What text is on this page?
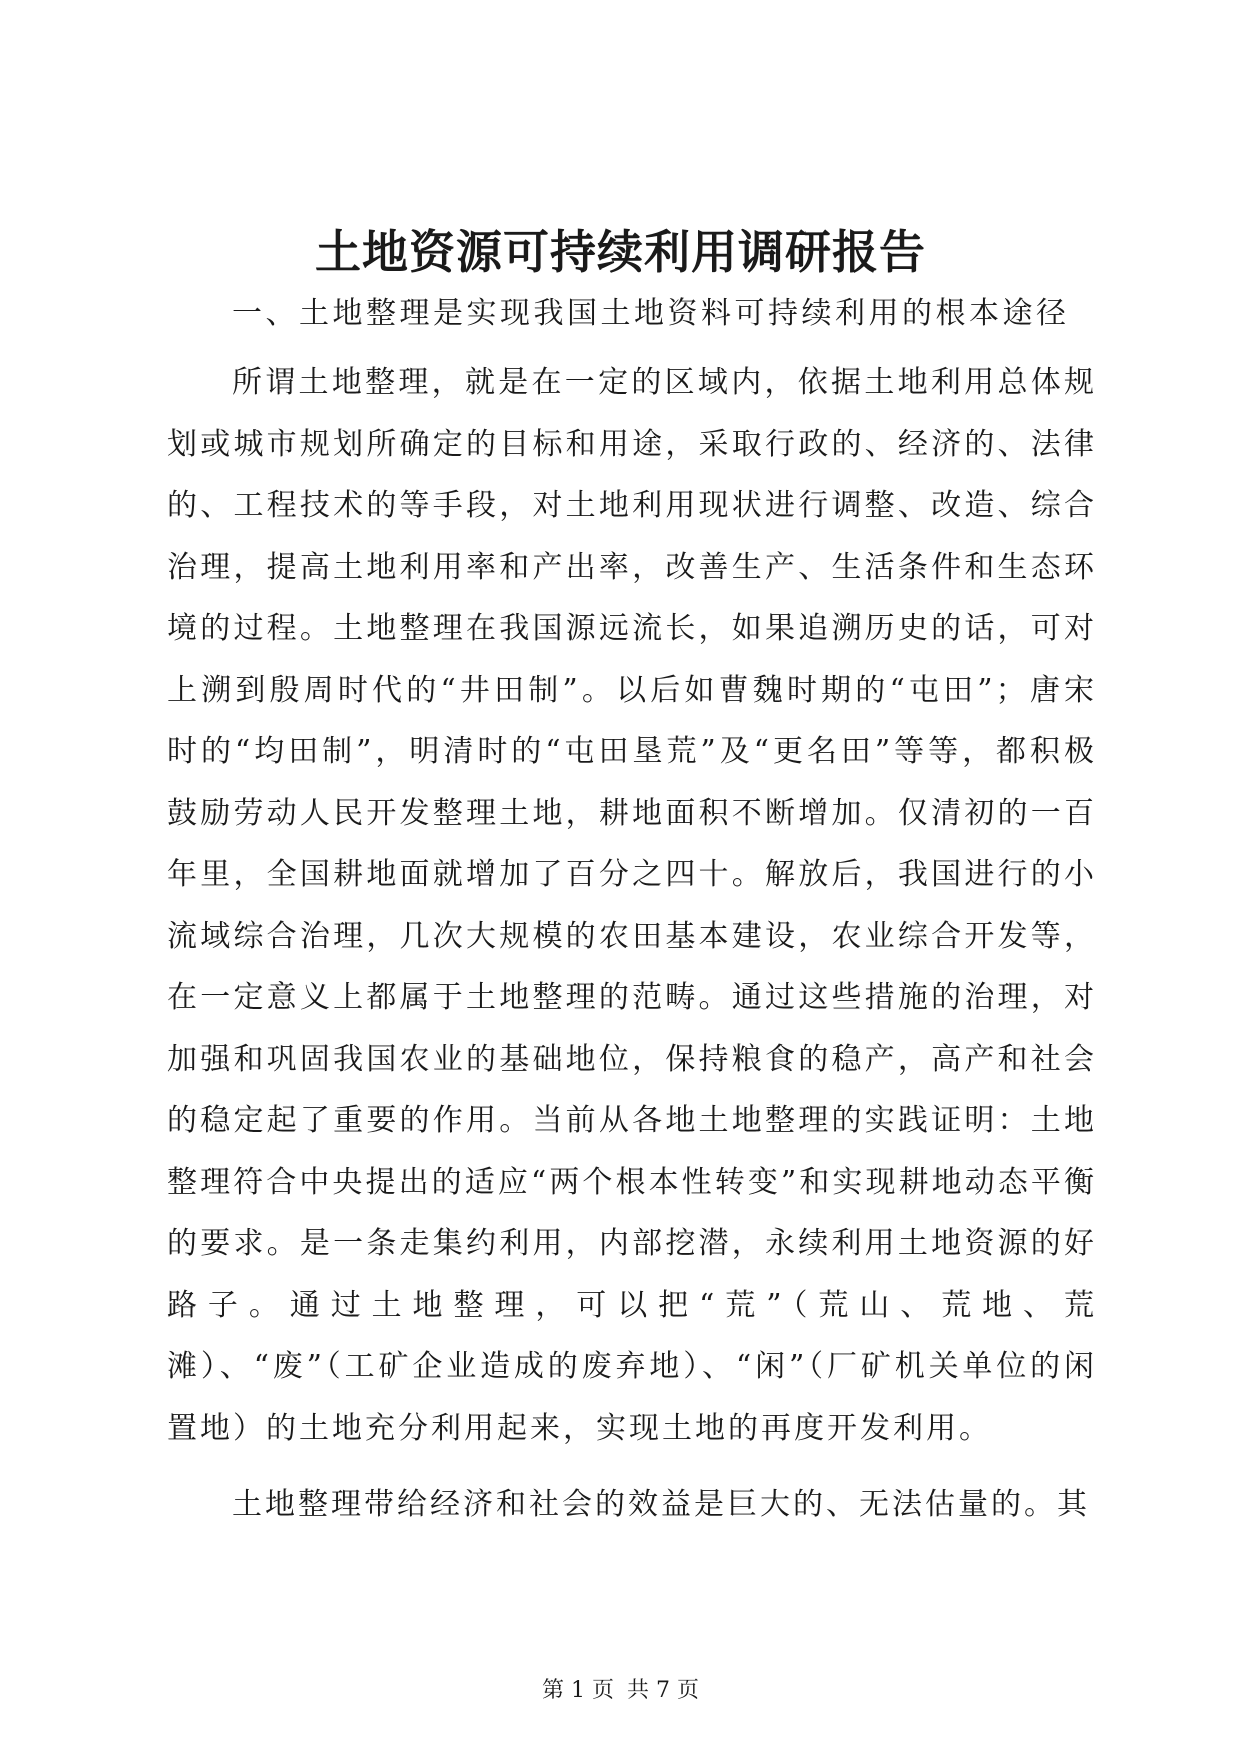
土地资源可持续利用调研报告

一、土地整理是实现我国土地资料可持续利用的根本途径

所谓土地整理，就是在一定的区域内，依据土地利用总体规划或城市规划所确定的目标和用途，采取行政的、经济的、法律的、工程技术的等手段，对土地利用现状进行调整、改造、综合治理，提高土地利用率和产出率，改善生产、生活条件和生态环境的过程。土地整理在我国源远流长，如果追溯历史的话，可对上溯到殷周时代的“井田制”。以后如曹魏时期的“屯田”；唐宋时的“均田制”，明清时的“屯田垦荒”及“更名田”等等，都积极鼓励劳动人民开发整理土地，耕地面积不断增加。仅清初的一百年里，全国耕地面就增加了百分之四十。解放后，我国进行的小流域综合治理，几次大规模的农田基本建设，农业综合开发等，在一定意义上都属于土地整理的范畴。通过这些措施的治理，对加强和巩固我国农业的基础地位，保持粮食的稳产，高产和社会的稳定起了重要的作用。当前从各地土地整理的实践证明：土地整理符合中央提出的适应“两个根本性转变”和实现耕地动态平衡的要求。是一条走集约利用，内部挖潜，永续利用土地资源的好路子。通过土地整理，可以把“荒”（荒山、荒地、荒滩）、“废”（工矿企业造成的废弃地）、“闲”（厂矿机关单位的闲置地）的土地充分利用起来，实现土地的再度开发利用。

土地整理带给经济和社会的效益是巨大的、无法估量的。其

第 1 页 共 7 页
